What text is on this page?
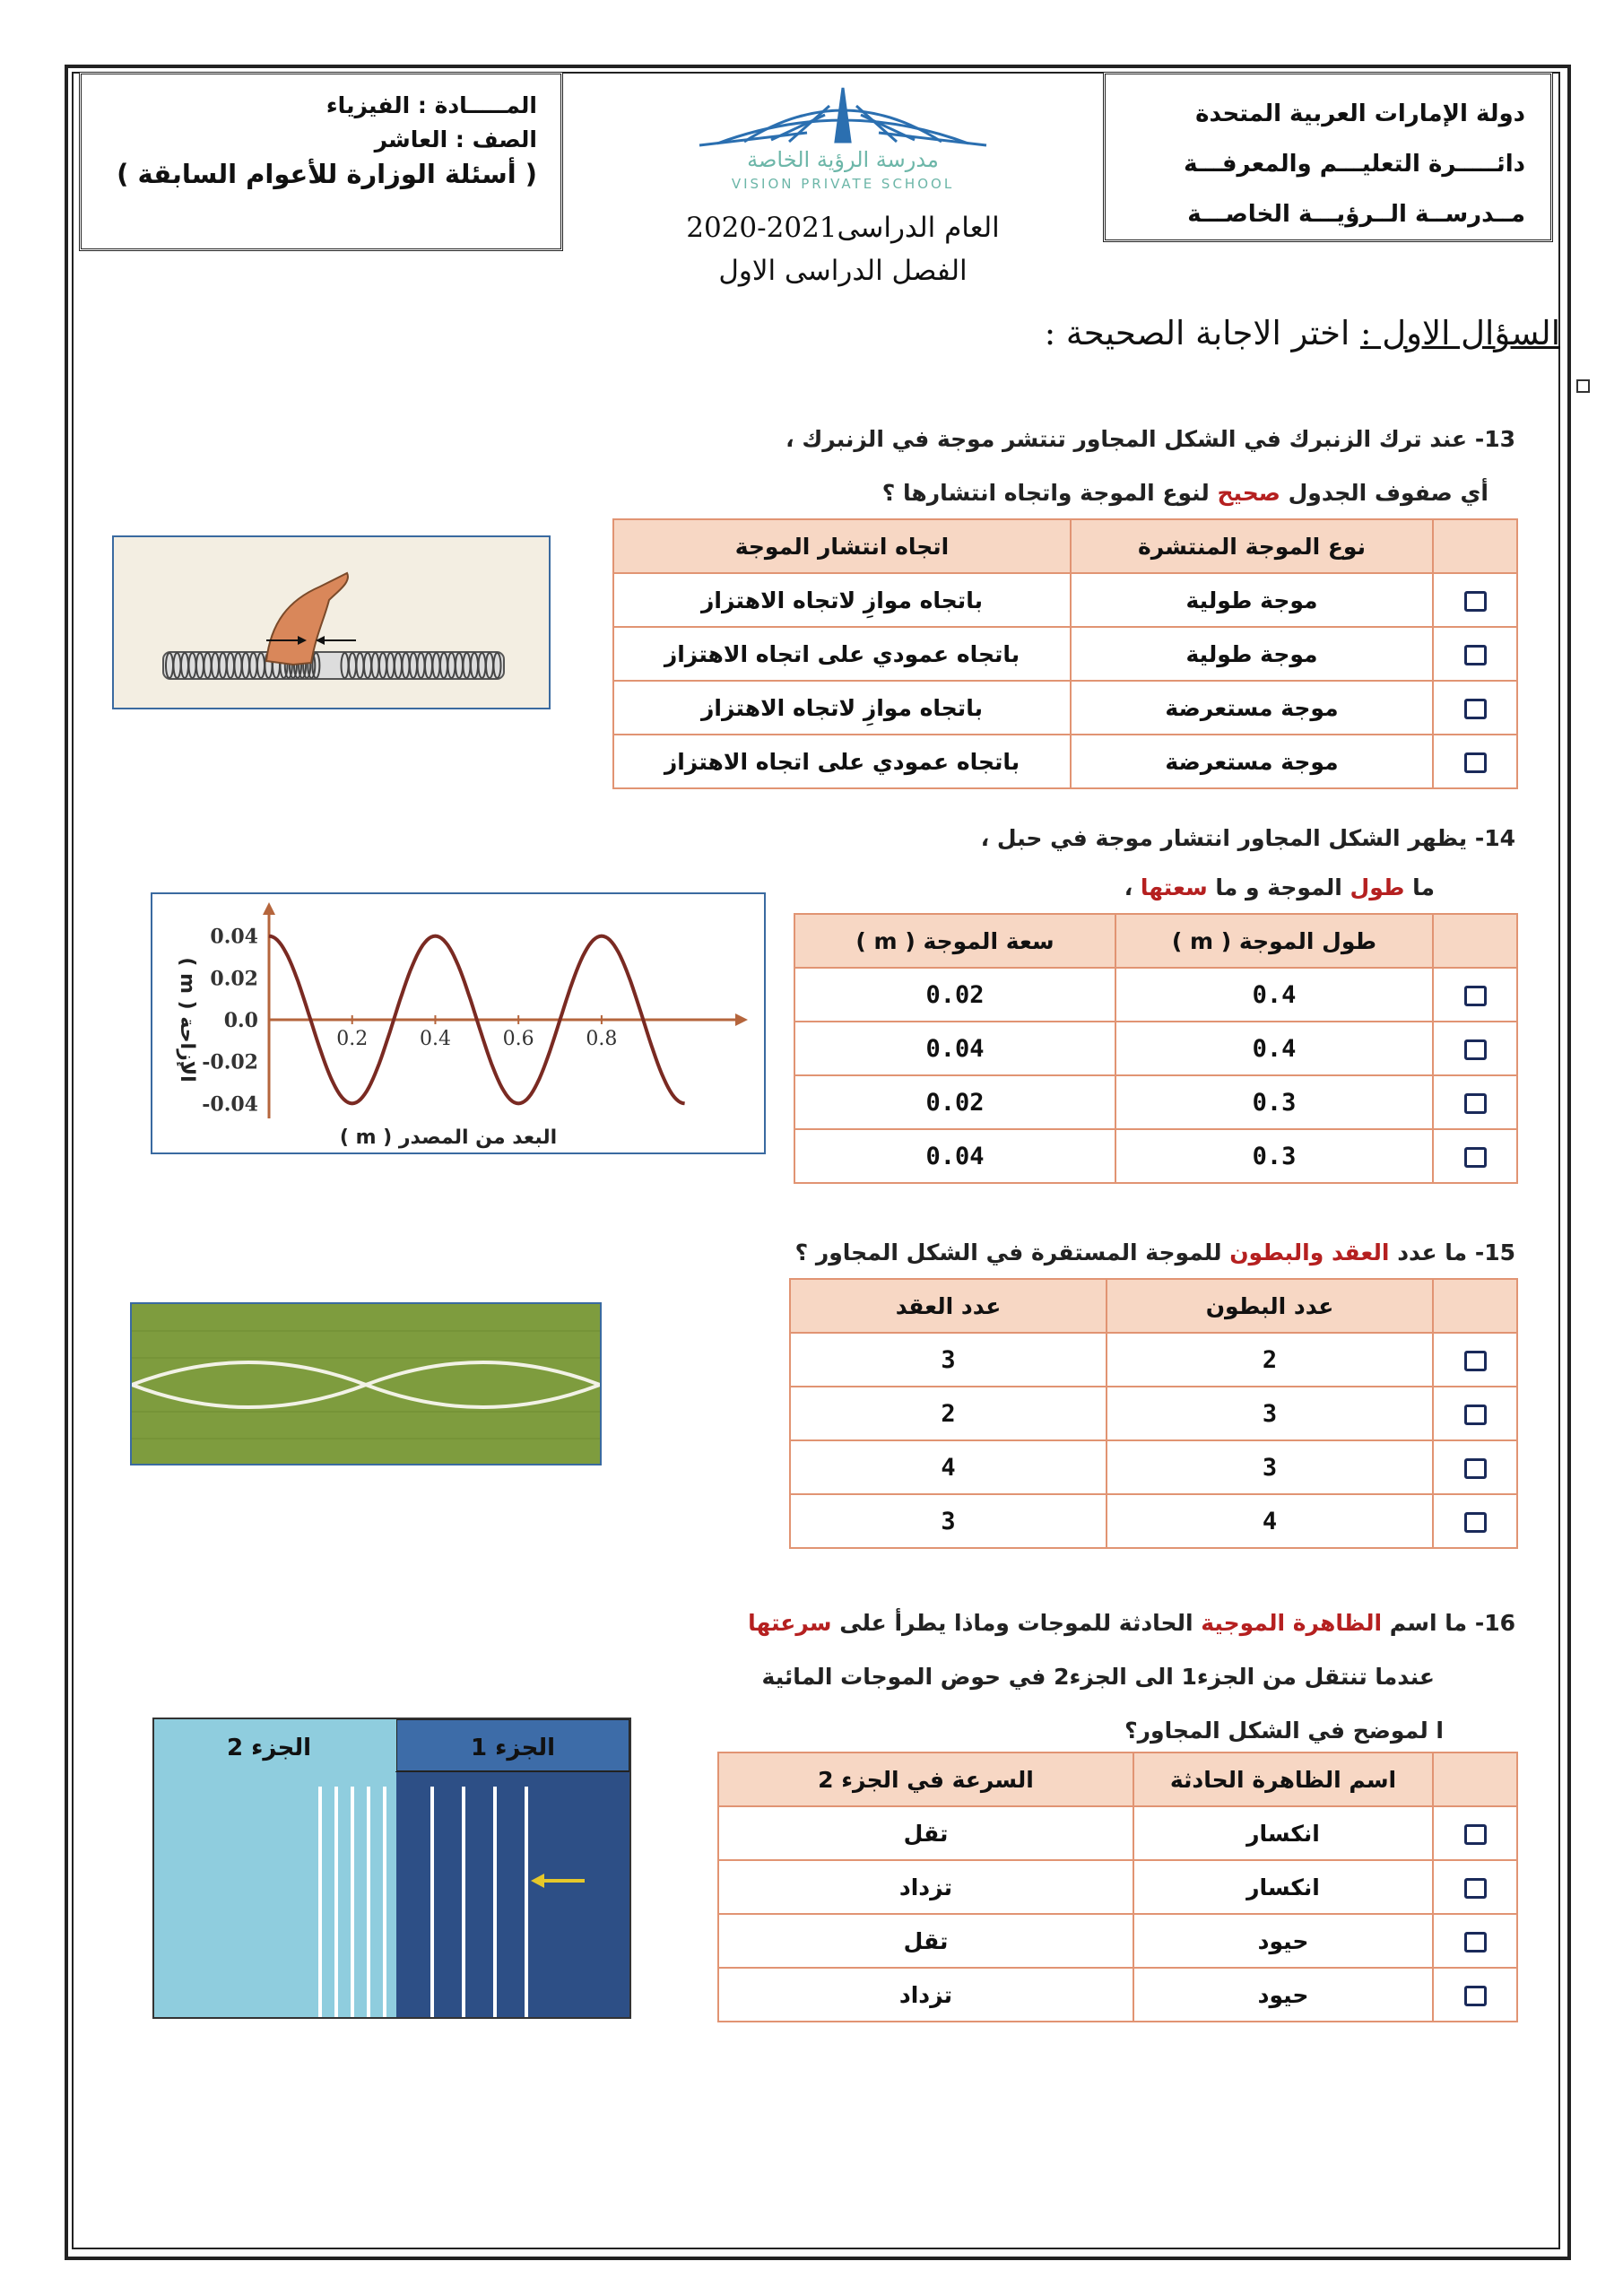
دولة الإمارات العربية المتحدة
دائـــــرة التعليـــم والمعرفـــة
مــدرســة الــرؤيـــة الخاصـــة
المـــــادة : الفيزياء
الصف : العاشر
( أسئلة الوزارة للأعوام السابقة )	مدرسة الرؤية الخاصة
VISION PRIVATE SCHOOL
العام الدراسى2021-2020
الفصل الدراسى الاول
السؤال الاول : اختر الاجابة الصحيحة :
13- عند ترك الزنبرك في الشكل المجاور تنتشر موجة في الزنبرك ،
أي صفوف الجدول صحيح لنوع الموجة واتجاه انتشارها ؟
	نوع الموجة المنتشرة	اتجاه انتشار الموجة
	موجة طولية	باتجاه موازِ لاتجاه الاهتزاز
	موجة طولية	باتجاه عمودي على اتجاه الاهتزاز
	موجة مستعرضة	باتجاه موازِ لاتجاه الاهتزاز
	موجة مستعرضة	باتجاه عمودي على اتجاه الاهتزاز
14- يظهر الشكل المجاور انتشار موجة في حبل ،
ما طول الموجة و ما سعتها ،
0.2	0.4	0.6	0.8
0.04
0.02
0.0
-0.02
-0.04
البعد من المصدر ( m )
الإزاحة ( m )
	طول الموجة ( m )	سعة الموجة ( m )
	0.4	0.02
	0.4	0.04
	0.3	0.02
	0.3	0.04
15- ما عدد العقد والبطون للموجة المستقرة في الشكل المجاور ؟
	عدد البطون	عدد العقد
	2	3
	3	2
	3	4
	4	3
16- ما اسم الظاهرة الموجية الحادثة للموجات وماذا يطرأ على سرعتها
عندما تنتقل من الجزء1 الى الجزء2 في حوض الموجات المائية
ا لموضح في الشكل المجاور؟
الجزء 1
الجزء 2
	اسم الظاهرة الحادثة	السرعة في الجزء 2
	انكسار	تقل
	انكسار	تزداد
	حيود	تقل
	حيود	تزداد
